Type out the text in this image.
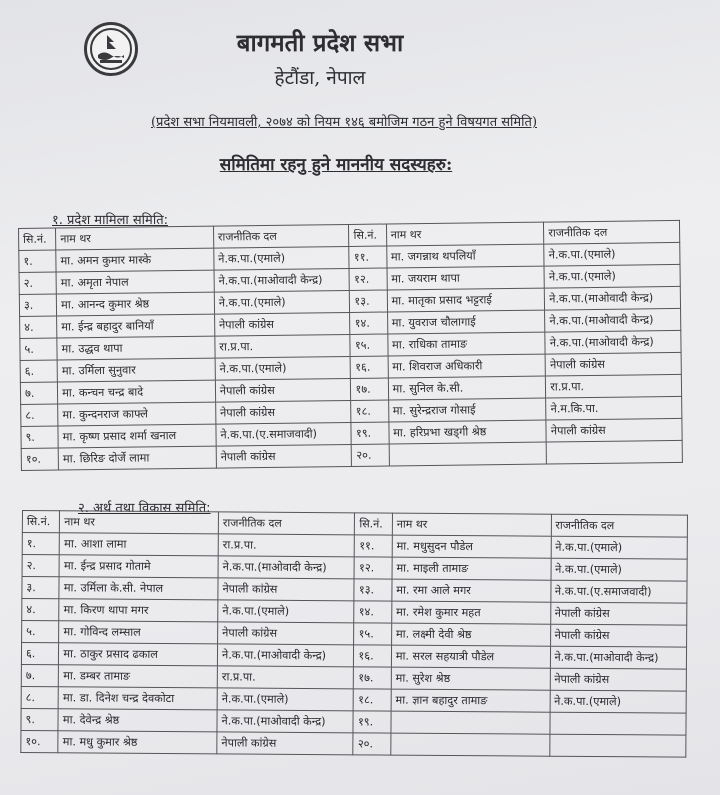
बागमती प्रदेश सभा
हेटौंडा, नेपाल
(प्रदेश सभा नियमावली, २०७४ को नियम १४६ बमोजिम गठन हुने विषयगत समिति)
समितिमा रहनु हुने माननीय सदस्यहरु:
१. प्रदेश मामिला समिति:
सि.नं.	नाम थर	राजनीतिक दल	सि.नं.	नाम थर	राजनीतिक दल
१.	मा. अमन कुमार मास्के	ने.क.पा.(एमाले)	११.	मा. जगन्नाथ थपलियाँ	ने.क.पा.(एमाले)
२.	मा. अमृता नेपाल	ने.क.पा.(माओवादी केन्द्र)	१२.	मा. जयराम थापा	ने.क.पा.(एमाले)
३.	मा. आनन्द कुमार श्रेष्ठ	ने.क.पा.(एमाले)	१३.	मा. मातृका प्रसाद भट्टराई	ने.क.पा.(माओवादी केन्द्र)
४.	मा. ईन्द्र बहादुर बानियाँ	नेपाली कांग्रेस	१४.	मा. युवराज चौलागाई	ने.क.पा.(माओवादी केन्द्र)
५.	मा. उद्धव थापा	रा.प्र.पा.	१५.	मा. राधिका तामाङ	ने.क.पा.(माओवादी केन्द्र)
६.	मा. उर्मिला सुनुवार	ने.क.पा.(एमाले)	१६.	मा. शिवराज अधिकारी	नेपाली कांग्रेस
७.	मा. कन्चन चन्द्र बादे	नेपाली कांग्रेस	१७.	मा. सुनिल के.सी.	रा.प्र.पा.
८.	मा. कुन्दनराज काफ्ले	नेपाली कांग्रेस	१८.	मा. सुरेन्द्रराज गोसाई	ने.म.कि.पा.
९.	मा. कृष्ण प्रसाद शर्मा खनाल	ने.क.पा.(ए.समाजवादी)	१९.	मा. हरिप्रभा खड्गी श्रेष्ठ	नेपाली कांग्रेस
१०.	मा. छिरिङ दोर्जे लामा	नेपाली कांग्रेस	२०.		
२. अर्थ तथा विकास समिति:
सि.नं.	नाम थर	राजनीतिक दल	सि.नं.	नाम थर	राजनीतिक दल
१.	मा. आशा लामा	रा.प्र.पा.	११.	मा. मधुसुदन पौडेल	ने.क.पा.(एमाले)
२.	मा. ईन्द्र प्रसाद गोतामे	ने.क.पा.(माओवादी केन्द्र)	१२.	मा. माइली तामाङ	ने.क.पा.(एमाले)
३.	मा. उर्मिला के.सी. नेपाल	नेपाली कांग्रेस	१३.	मा. रमा आले मगर	ने.क.पा.(ए.समाजवादी)
४.	मा. किरण थापा मगर	ने.क.पा.(एमाले)	१४.	मा. रमेश कुमार महत	नेपाली कांग्रेस
५.	मा. गोविन्द लम्साल	नेपाली कांग्रेस	१५.	मा. लक्ष्मी देवी श्रेष्ठ	नेपाली कांग्रेस
६.	मा. ठाकुर प्रसाद ढकाल	ने.क.पा.(माओवादी केन्द्र)	१६.	मा. सरल सहयात्री पौडेल	ने.क.पा.(माओवादी केन्द्र)
७.	मा. डम्बर तामाङ	रा.प्र.पा.	१७.	मा. सुरेश श्रेष्ठ	नेपाली कांग्रेस
८.	मा. डा. दिनेश चन्द्र देवकोटा	ने.क.पा.(एमाले)	१८.	मा. ज्ञान बहादुर तामाङ	ने.क.पा.(एमाले)
९.	मा. देवेन्द्र श्रेष्ठ	ने.क.पा.(माओवादी केन्द्र)	१९.		
१०.	मा. मधु कुमार श्रेष्ठ	नेपाली कांग्रेस	२०.		
